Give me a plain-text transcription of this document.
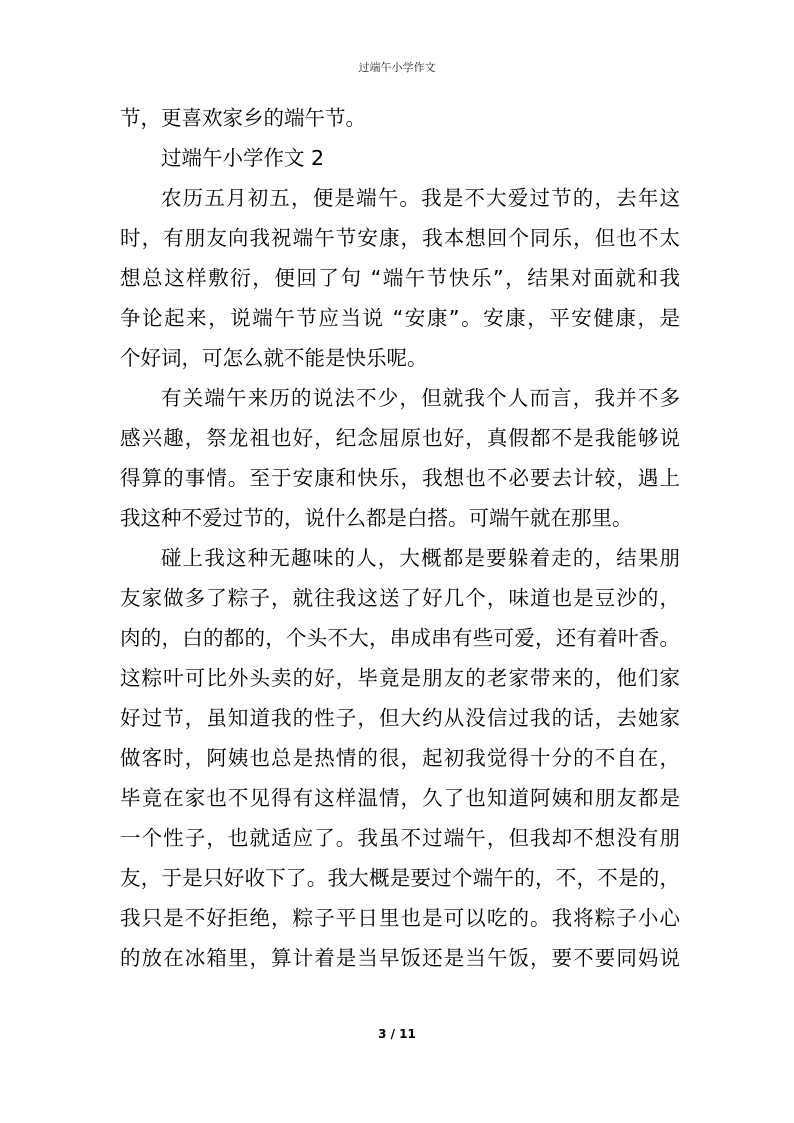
过端午小学作文
节，更喜欢家乡的端午节。
过端午小学作文 2
农历五月初五，便是端午。我是不大爱过节的，去年这
时，有朋友向我祝端午节安康，我本想回个同乐，但也不太
想总这样敷衍，便回了句 “端午节快乐”，结果对面就和我
争论起来，说端午节应当说 “安康”。安康，平安健康，是
个好词，可怎么就不能是快乐呢。
有关端午来历的说法不少，但就我个人而言，我并不多
感兴趣，祭龙祖也好，纪念屈原也好，真假都不是我能够说
得算的事情。至于安康和快乐，我想也不必要去计较，遇上
我这种不爱过节的，说什么都是白搭。可端午就在那里。
碰上我这种无趣味的人，大概都是要躲着走的，结果朋
友家做多了粽子，就往我这送了好几个，味道也是豆沙的，
肉的，白的都的，个头不大，串成串有些可爱，还有着叶香。
这粽叶可比外头卖的好，毕竟是朋友的老家带来的，他们家
好过节，虽知道我的性子，但大约从没信过我的话，去她家
做客时，阿姨也总是热情的很，起初我觉得十分的不自在，
毕竟在家也不见得有这样温情，久了也知道阿姨和朋友都是
一个性子，也就适应了。我虽不过端午，但我却不想没有朋
友，于是只好收下了。我大概是要过个端午的，不，不是的，
我只是不好拒绝，粽子平日里也是可以吃的。我将粽子小心
的放在冰箱里，算计着是当早饭还是当午饭，要不要同妈说
3 / 11
